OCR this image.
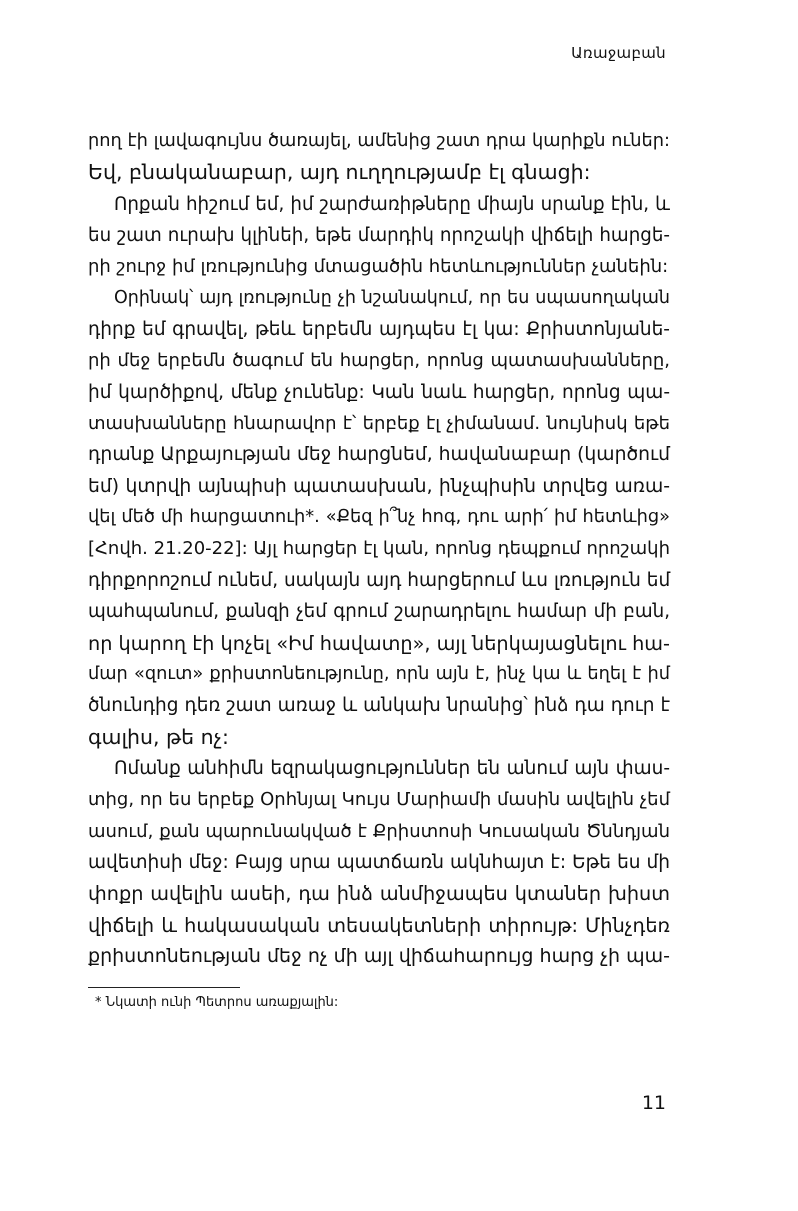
Առաջաբան
րող էի լավագույնս ծառայել, ամենից շատ դրա կարիքն ուներ:
Եվ, բնականաբար, այդ ուղղությամբ էլ գնացի:
Որքան հիշում եմ, իմ շարժառիթները միայն սրանք էին, և
ես շատ ուրախ կլինեի, եթե մարդիկ որոշակի վիճելի հարցե-
րի շուրջ իմ լռությունից մտացածին հետևություններ չանեին:
Օրինակ՝ այդ լռությունը չի նշանակում, որ ես սպասողական
դիրք եմ գրավել, թեև երբեմն այդպես էլ կա: Քրիստոնյանե-
րի մեջ երբեմն ծագում են հարցեր, որոնց պատասխանները,
իմ կարծիքով, մենք չունենք: Կան նաև հարցեր, որոնց պա-
տասխանները հնարավոր է՝ երբեք էլ չիմանամ. նույնիսկ եթե
դրանք Արքայության մեջ հարցնեմ, հավանաբար (կարծում
եմ) կտրվի այնպիսի պատասխան, ինչպիսին տրվեց առա-
վել մեծ մի հարցատուի*. «Քեզ ի՞նչ հոգ, դու արի՛ իմ հետևից»
[Հովհ. 21.20-22]: Այլ հարցեր էլ կան, որոնց դեպքում որոշակի
դիրքորոշում ունեմ, սակայն այդ հարցերում ևս լռություն եմ
պահպանում, քանզի չեմ գրում շարադրելու համար մի բան,
որ կարող էի կոչել «Իմ հավատը», այլ ներկայացնելու հա-
մար «զուտ» քրիստոնեությունը, որն այն է, ինչ կա և եղել է իմ
ծնունդից դեռ շատ առաջ և անկախ նրանից՝ ինձ դա դուր է
գալիս, թե ոչ:
Ոմանք անհիմն եզրակացություններ են անում այն փաս-
տից, որ ես երբեք Օրհնյալ Կույս Մարիամի մասին ավելին չեմ
ասում, քան պարունակված է Քրիստոսի Կուսական Ծննդյան
ավետիսի մեջ: Բայց սրա պատճառն ակնհայտ է: Եթե ես մի
փոքր ավելին ասեի, դա ինձ անմիջապես կտաներ խիստ
վիճելի և հակասական տեսակետների տիրույթ: Մինչդեռ
քրիստոնեության մեջ ոչ մի այլ վիճահարույց հարց չի պա-
* Նկատի ունի Պետրոս առաքյալին:
11
